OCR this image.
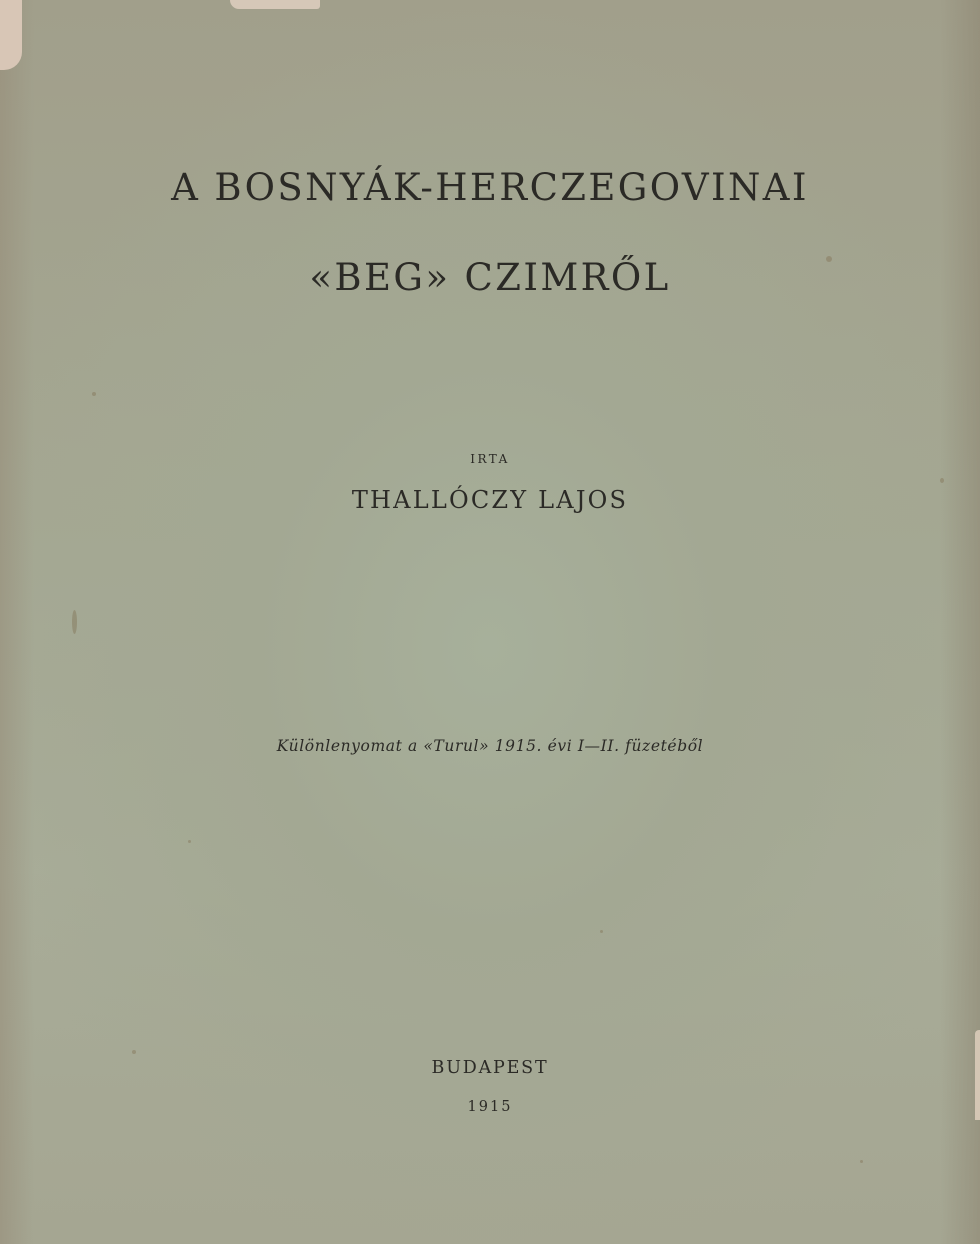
A BOSNYÁK-HERCZEGOVINAI
«BEG» CZIMRŐL
IRTA
THALLÓCZY LAJOS
Különlenyomat a «Turul» 1915. évi I—II. füzetéből
BUDAPEST
1915
